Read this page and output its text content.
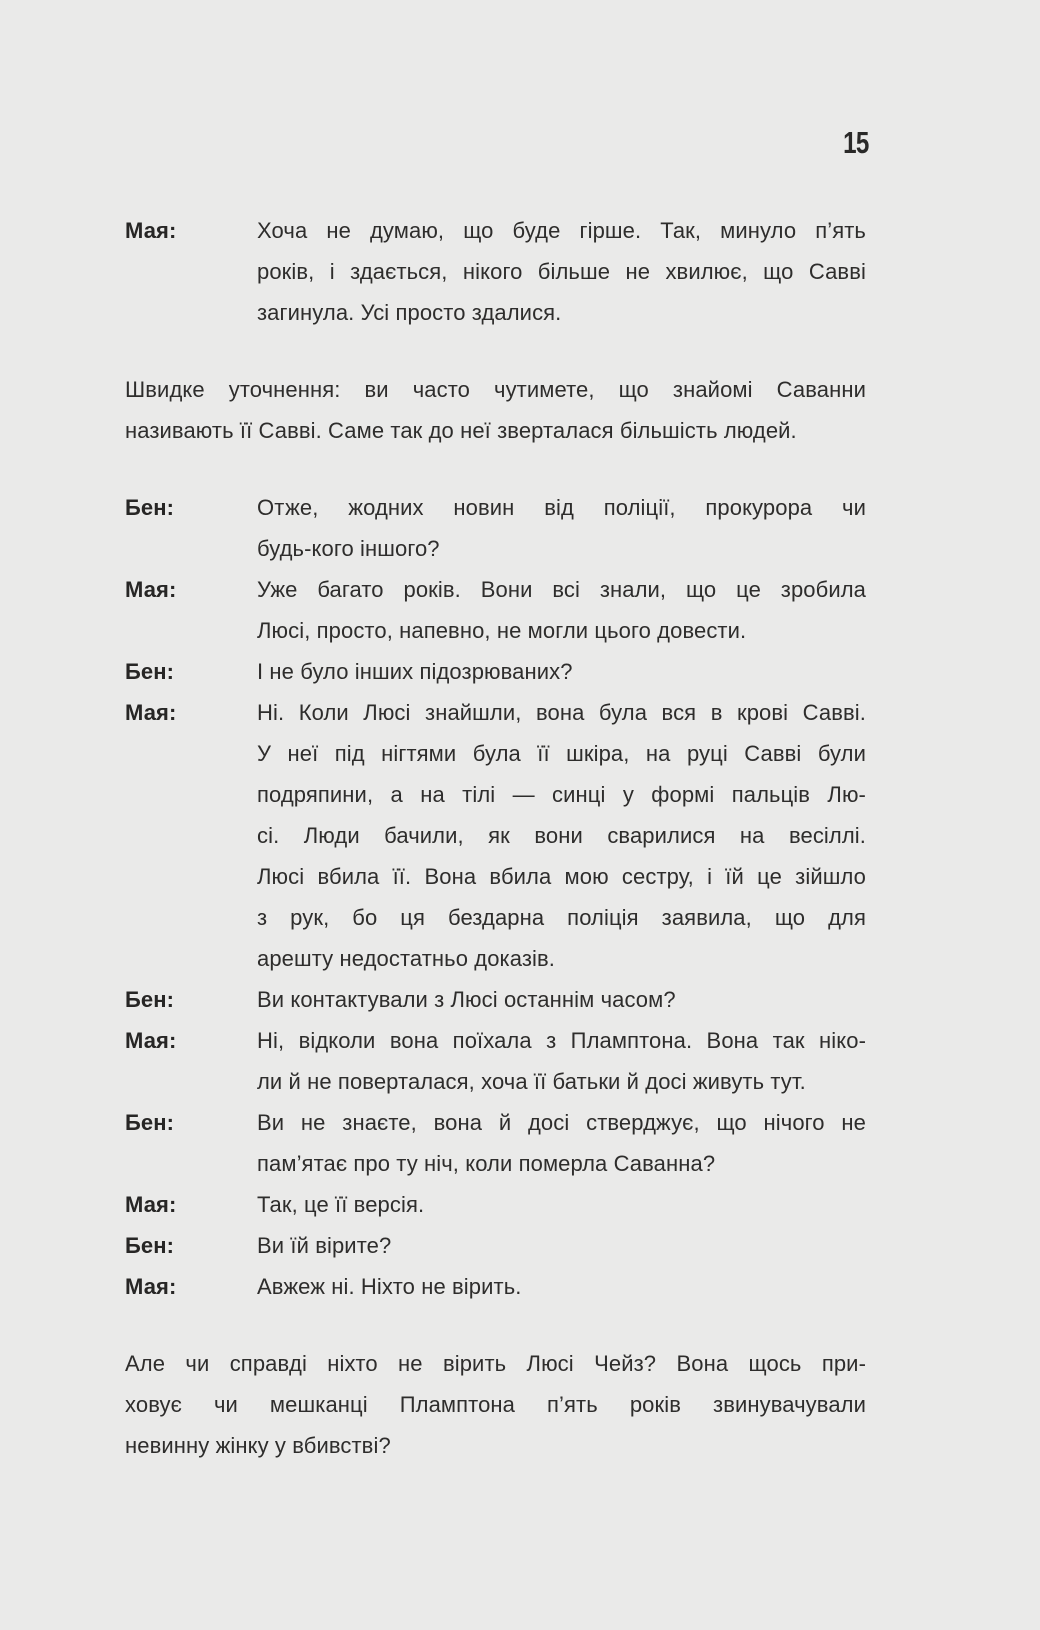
15
Мая:	Хоча не думаю, що буде гірше. Так, минуло п’ять
років, і здається, нікого більше не хвилює, що Савві
загинула. Усі просто здалися.
Швидке уточнення: ви часто чутимете, що знайомі Саванни
називають її Савві. Саме так до неї зверталася більшість людей.
Бен:	Отже, жодних новин від поліції, прокурора чи
будь-кого іншого?
Мая:	Уже багато років. Вони всі знали, що це зробила
Люсі, просто, напевно, не могли цього довести.
Бен:	І не було інших підозрюваних?
Мая:	Ні. Коли Люсі знайшли, вона була вся в крові Савві.
У неї під нігтями була її шкіра, на руці Савві були
подряпини, а на тілі — синці у формі пальців Лю-
сі. Люди бачили, як вони сварилися на весіллі.
Люсі вбила її. Вона вбила мою сестру, і їй це зійшло
з рук, бо ця бездарна поліція заявила, що для
арешту недостатньо доказів.
Бен:	Ви контактували з Люсі останнім часом?
Мая:	Ні, відколи вона поїхала з Пламптона. Вона так ніко-
ли й не поверталася, хоча її батьки й досі живуть тут.
Бен:	Ви не знаєте, вона й досі стверджує, що нічого не
пам’ятає про ту ніч, коли померла Саванна?
Мая:	Так, це її версія.
Бен:	Ви їй вірите?
Мая:	Авжеж ні. Ніхто не вірить.
Але чи справді ніхто не вірить Люсі Чейз? Вона щось при-
ховує чи мешканці Пламптона п’ять років звинувачували
невинну жінку у вбивстві?
